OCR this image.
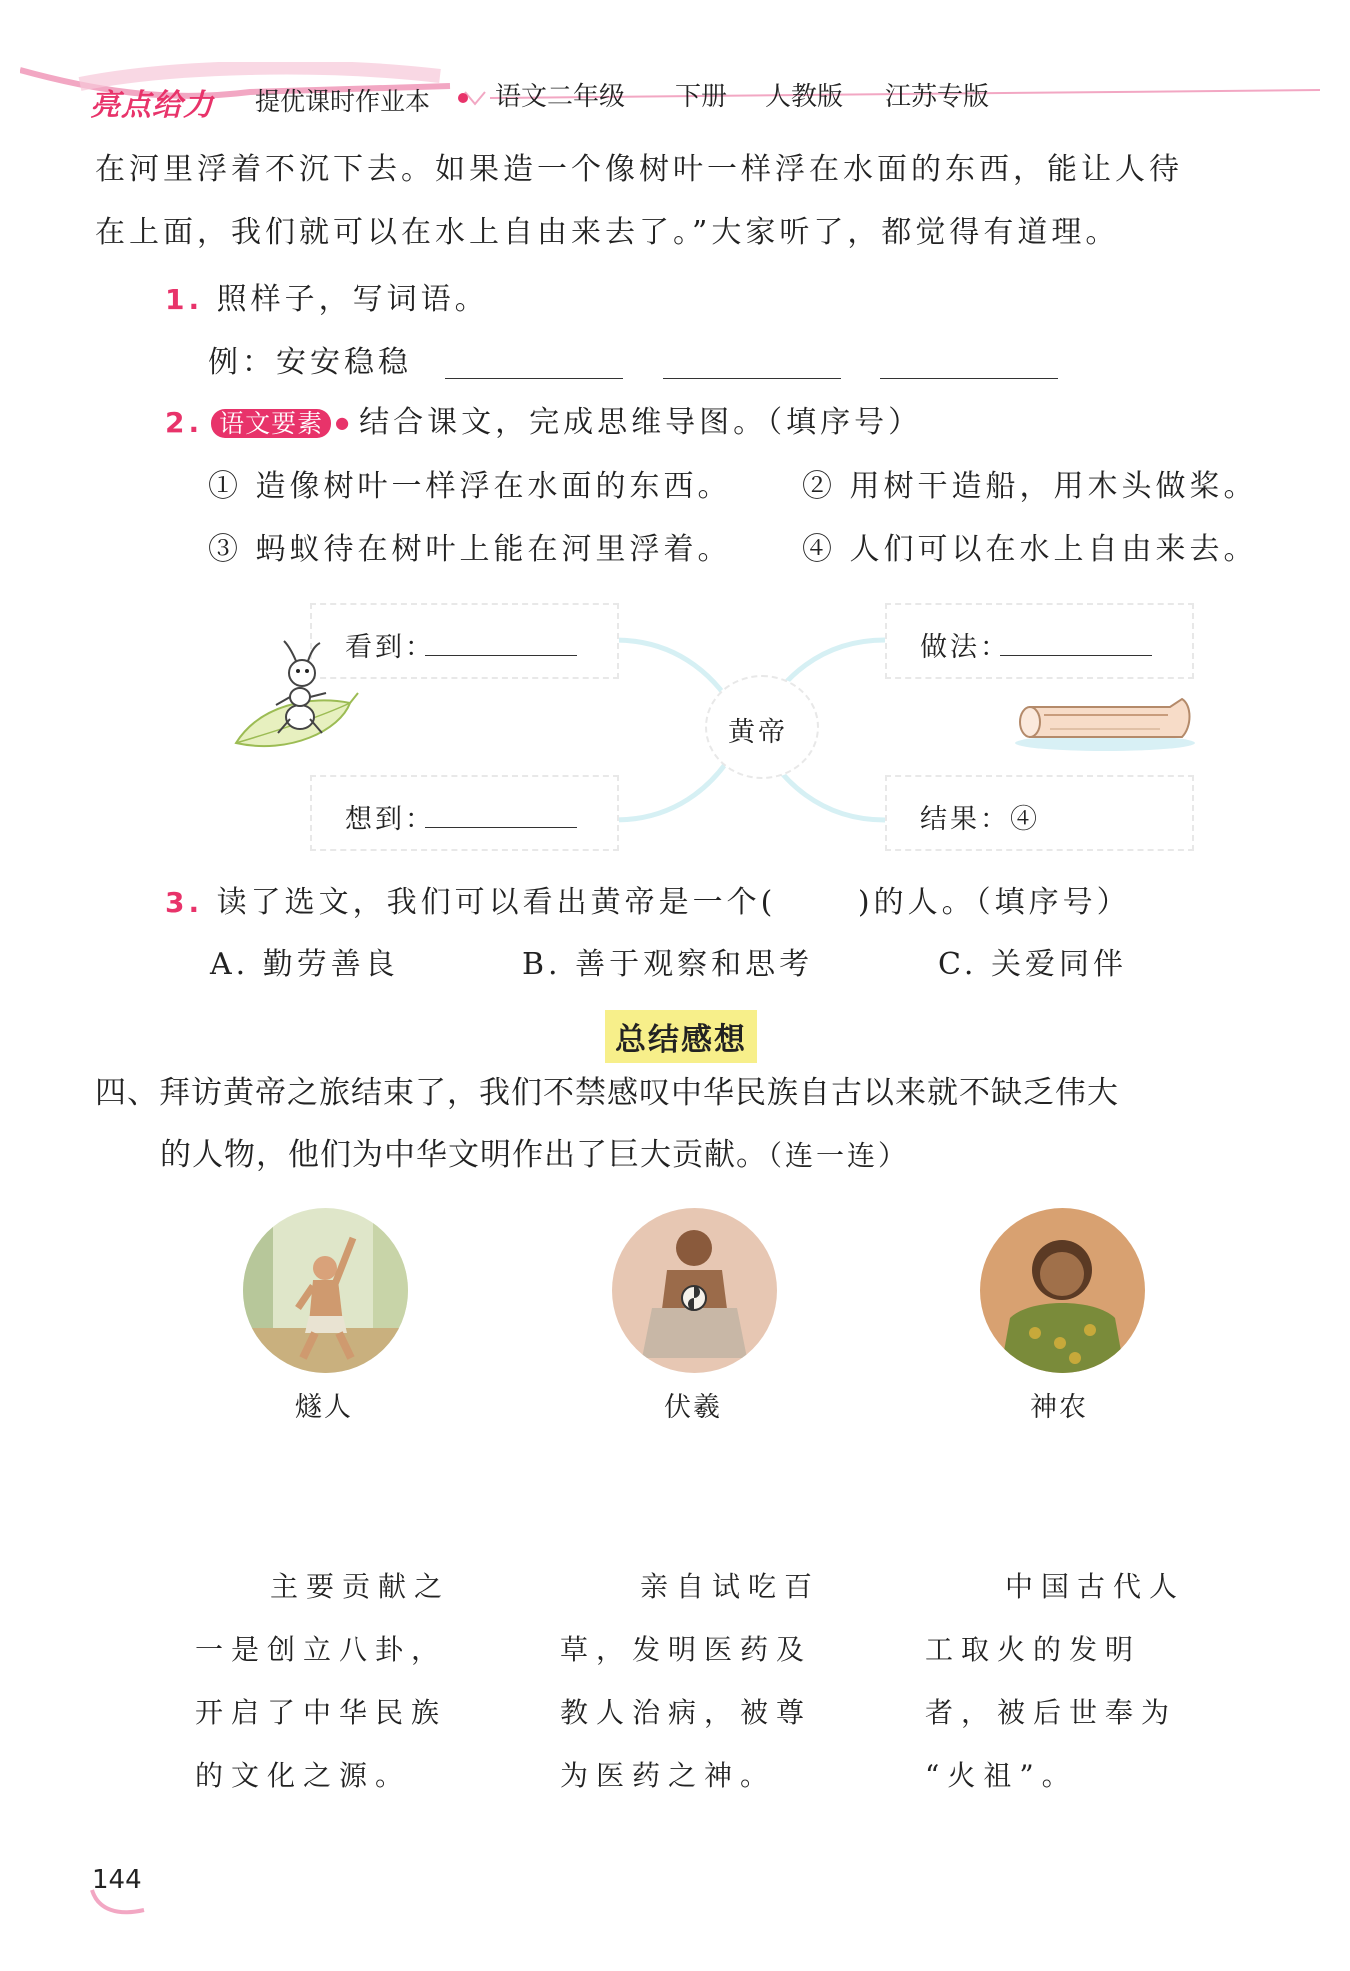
亮点给力 提优课时作业本 语文二年级 下册 人教版 江苏专版
在河里浮着不沉下去。如果造一个像树叶一样浮在水面的东西，能让人待
在上面，我们就可以在水上自由来去了。”大家听了，都觉得有道理。
1. 照样子，写词语。
例：安安稳稳
2. 语文要素 ● 结合课文，完成思维导图。（填序号）
① 造像树叶一样浮在水面的东西。 ② 用树干造船，用木头做桨。
③ 蚂蚁待在树叶上能在河里浮着。 ④ 人们可以在水上自由来去。
黄帝
看到：
想到：
做法：
结果：④
3. 读了选文，我们可以看出黄帝是一个(　　 )的人。（填序号）
A. 勤劳善良	B. 善于观察和思考	C. 关爱同伴
总结感想
四、拜访黄帝之旅结束了，我们不禁感叹中华民族自古以来就不缺乏伟大
的人物，他们为中华文明作出了巨大贡献。（连一连）
燧人	伏羲	神农
主要贡献之
一是创立八卦，
开启了中华民族
的文化之源。
亲自试吃百
草，发明医药及
教人治病，被尊
为医药之神。
中国古代人
工取火的发明
者，被后世奉为
“火祖”。
144
